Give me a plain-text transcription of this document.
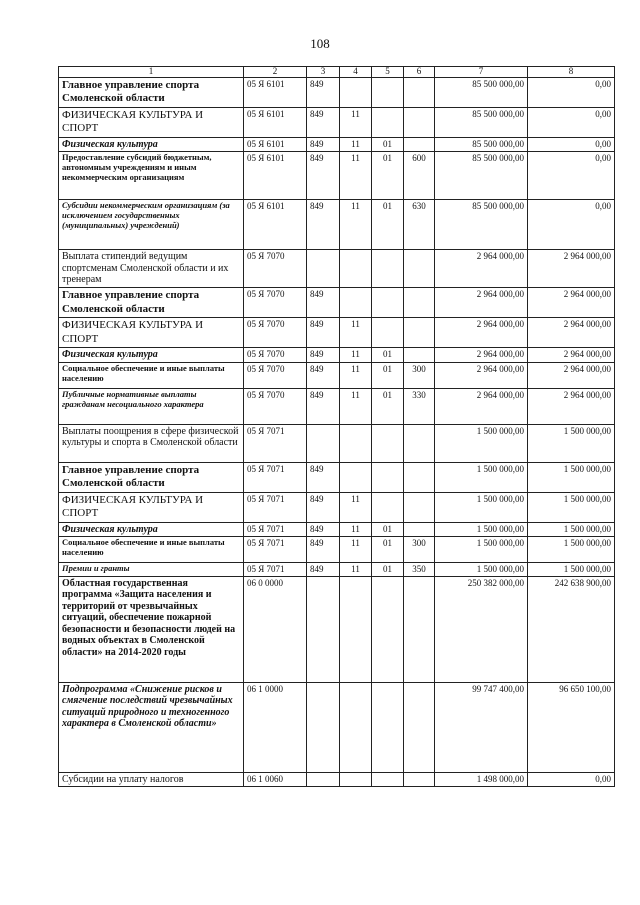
108
1	2	3	4	5	6	7	8
Главное управление спорта Смоленской области	05 Я 6101	849				85 500 000,00	0,00
ФИЗИЧЕСКАЯ КУЛЬТУРА И СПОРТ	05 Я 6101	849	11			85 500 000,00	0,00
Физическая культура	05 Я 6101	849	11	01		85 500 000,00	0,00
Предоставление субсидий бюджетным, автономным учреждениям и иным некоммерческим организациям	05 Я 6101	849	11	01	600	85 500 000,00	0,00
Субсидии некоммерческим организациям (за исключением государственных (муниципальных) учреждений)	05 Я 6101	849	11	01	630	85 500 000,00	0,00
Выплата стипендий ведущим спортсменам Смоленской области и их тренерам	05 Я 7070					2 964 000,00	2 964 000,00
Главное управление спорта Смоленской области	05 Я 7070	849				2 964 000,00	2 964 000,00
ФИЗИЧЕСКАЯ КУЛЬТУРА И СПОРТ	05 Я 7070	849	11			2 964 000,00	2 964 000,00
Физическая культура	05 Я 7070	849	11	01		2 964 000,00	2 964 000,00
Социальное обеспечение и иные выплаты населению	05 Я 7070	849	11	01	300	2 964 000,00	2 964 000,00
Публичные нормативные выплаты гражданам несоциального характера	05 Я 7070	849	11	01	330	2 964 000,00	2 964 000,00
Выплаты поощрения в сфере физической культуры и спорта в Смоленской области	05 Я 7071					1 500 000,00	1 500 000,00
Главное управление спорта Смоленской области	05 Я 7071	849				1 500 000,00	1 500 000,00
ФИЗИЧЕСКАЯ КУЛЬТУРА И СПОРТ	05 Я 7071	849	11			1 500 000,00	1 500 000,00
Физическая культура	05 Я 7071	849	11	01		1 500 000,00	1 500 000,00
Социальное обеспечение и иные выплаты населению	05 Я 7071	849	11	01	300	1 500 000,00	1 500 000,00
Премии и гранты	05 Я 7071	849	11	01	350	1 500 000,00	1 500 000,00
Областная государственная программа «Защита населения и территорий от чрезвычайных ситуаций, обеспечение пожарной безопасности и безопасности людей на водных объектах в Смоленской области» на 2014-2020 годы	06 0 0000					250 382 000,00	242 638 900,00
Подпрограмма «Снижение рисков и смягчение последствий чрезвычайных ситуаций природного и техногенного характера в Смоленской области»	06 1 0000					99 747 400,00	96 650 100,00
Субсидии на уплату налогов	06 1 0060					1 498 000,00	0,00
